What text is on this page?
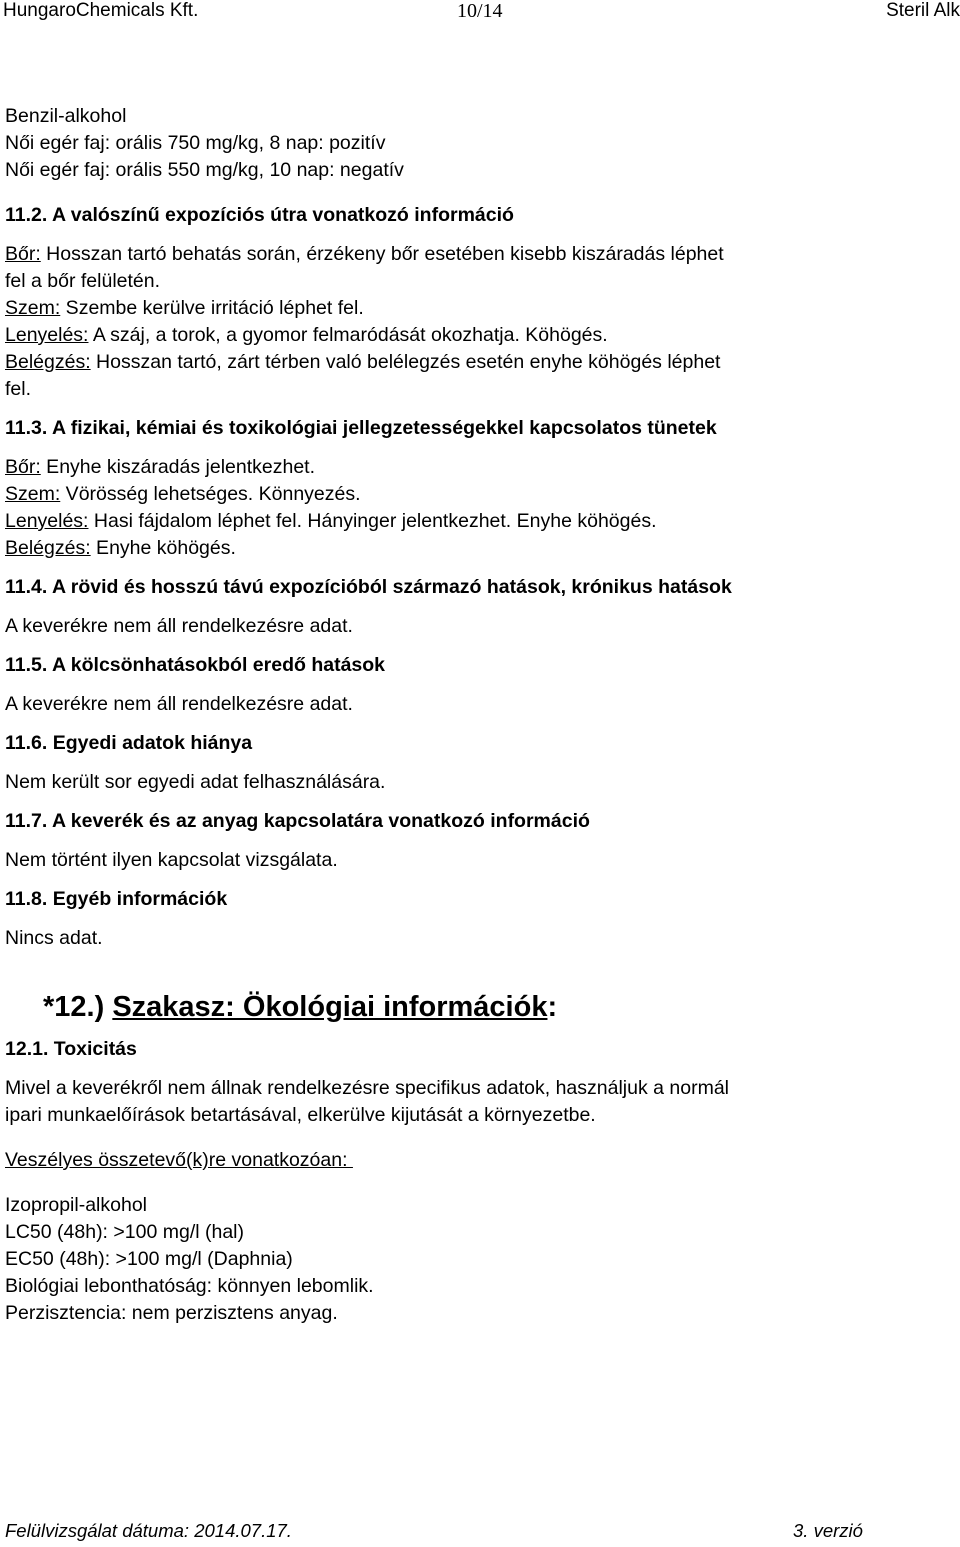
HungaroChemicals Kft.	10/14	Steril Alk
Benzil-alkohol
Női egér faj: orális 750 mg/kg, 8 nap: pozitív
Női egér faj: orális 550 mg/kg, 10 nap: negatív
11.2. A valószínű expozíciós útra vonatkozó információ
Bőr: Hosszan tartó behatás során, érzékeny bőr esetében kisebb kiszáradás léphet
fel a bőr felületén.
Szem: Szembe kerülve irritáció léphet fel.
Lenyelés: A száj, a torok, a gyomor felmaródását okozhatja. Köhögés.
Belégzés: Hosszan tartó, zárt térben való belélegzés esetén enyhe köhögés léphet
fel.
11.3. A fizikai, kémiai és toxikológiai jellegzetességekkel kapcsolatos tünetek
Bőr: Enyhe kiszáradás jelentkezhet.
Szem: Vörösség lehetséges. Könnyezés.
Lenyelés: Hasi fájdalom léphet fel. Hányinger jelentkezhet. Enyhe köhögés.
Belégzés: Enyhe köhögés.
11.4. A rövid és hosszú távú expozícióból származó hatások, krónikus hatások
A keverékre nem áll rendelkezésre adat.
11.5. A kölcsönhatásokból eredő hatások
A keverékre nem áll rendelkezésre adat.
11.6. Egyedi adatok hiánya
Nem került sor egyedi adat felhasználására.
11.7. A keverék és az anyag kapcsolatára vonatkozó információ
Nem történt ilyen kapcsolat vizsgálata.
11.8. Egyéb információk
Nincs adat.
*12.) Szakasz: Ökológiai információk:
12.1. Toxicitás
Mivel a keverékről nem állnak rendelkezésre specifikus adatok, használjuk a normál
ipari munkaelőírások betartásával, elkerülve kijutását a környezetbe.
Veszélyes összetevő(k)re vonatkozóan:
Izopropil-alkohol
LC50 (48h): >100 mg/l (hal)
EC50 (48h): >100 mg/l (Daphnia)
Biológiai lebonthatóság: könnyen lebomlik.
Perzisztencia: nem perzisztens anyag.
Felülvizsgálat dátuma: 2014.07.17.	3. verzió
